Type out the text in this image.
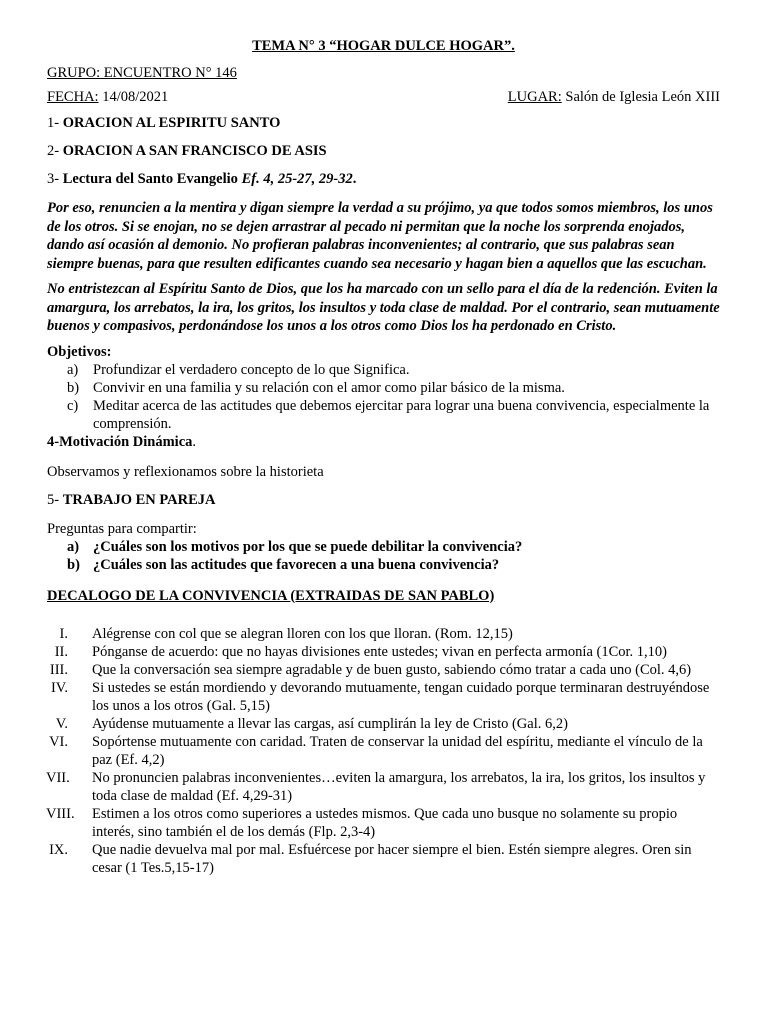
TEMA N° 3 “HOGAR DULCE HOGAR”.
GRUPO: ENCUENTRO N° 146
FECHA: 14/08/2021	LUGAR: Salón de Iglesia León XIII
1- ORACION AL ESPIRITU SANTO
2- ORACION A SAN FRANCISCO DE ASIS
3- Lectura del Santo Evangelio Ef. 4, 25-27, 29-32.
Por eso, renuncien a la mentira y digan siempre la verdad a su prójimo, ya que todos somos miembros, los unos de los otros. Si se enojan, no se dejen arrastrar al pecado ni permitan que la noche los sorprenda enojados, dando así ocasión al demonio. No profieran palabras inconvenientes; al contrario, que sus palabras sean siempre buenas, para que resulten edificantes cuando sea necesario y hagan bien a aquellos que las escuchan.
No entristezcan al Espíritu Santo de Dios, que los ha marcado con un sello para el día de la redención. Eviten la amargura, los arrebatos, la ira, los gritos, los insultos y toda clase de maldad. Por el contrario, sean mutuamente buenos y compasivos, perdonándose los unos a los otros como Dios los ha perdonado en Cristo.
Objetivos:
a)	Profundizar el verdadero concepto de lo que Significa.
b) Convivir en una familia y su relación con el amor como pilar básico de la misma.
c)	Meditar acerca de las actitudes que debemos ejercitar para lograr una buena convivencia, especialmente la comprensión.
4-Motivación Dinámica.
Observamos y reflexionamos sobre la historieta
5- TRABAJO EN PAREJA
Preguntas para compartir:
a) ¿Cuáles son los motivos por los que se puede debilitar la convivencia?
b) ¿Cuáles son las actitudes que favorecen a una buena convivencia?
DECALOGO DE LA CONVIVENCIA (EXTRAIDAS DE SAN PABLO)
I.	Alégrense con col que se alegran lloren con los que lloran. (Rom. 12,15)
II.	Pónganse de acuerdo: que no hayas divisiones ente ustedes; vivan en perfecta armonía (1Cor. 1,10)
III.	Que la conversación sea siempre agradable y de buen gusto, sabiendo cómo tratar a cada uno (Col. 4,6)
IV.	Si ustedes se están mordiendo y devorando mutuamente, tengan cuidado porque terminaran destruyéndose los unos a los otros (Gal. 5,15)
V.	Ayúdense mutuamente a llevar las cargas, así cumplirán la ley de Cristo (Gal. 6,2)
VI.	Sopórtense mutuamente con caridad. Traten de conservar la unidad del espíritu, mediante el vínculo de la paz (Ef. 4,2)
VII.	No pronuncien palabras inconvenientes…eviten la amargura, los arrebatos, la ira, los gritos, los insultos y toda clase de maldad (Ef. 4,29-31)
VIII.	Estimen a los otros como superiores a ustedes mismos. Que cada uno busque no solamente su propio interés, sino también el de los demás (Flp. 2,3-4)
IX.	Que nadie devuelva mal por mal. Esfuércese por hacer siempre el bien. Estén siempre alegres. Oren sin cesar (1 Tes.5,15-17)
